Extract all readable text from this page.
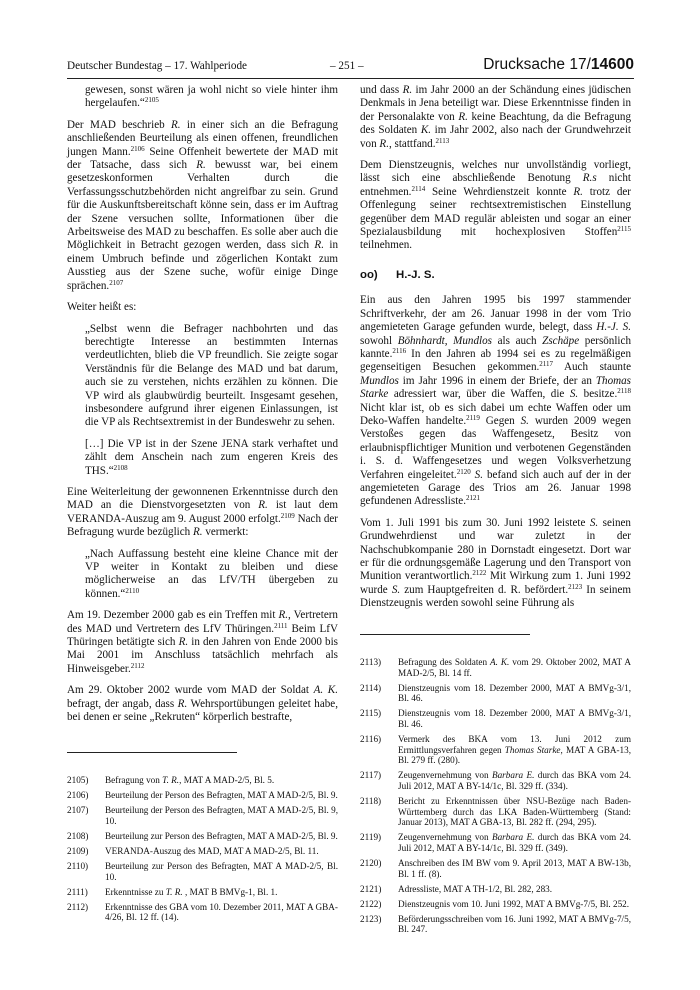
Deutscher Bundestag – 17. Wahlperiode	– 251 –	Drucksache 17/14600

gewesen, sonst wären ja wohl nicht so viele hinter ihm hergelaufen.“$^{2105}$

Der MAD beschrieb R. in einer sich an die Befragung anschließenden Beurteilung als einen offenen, freundlichen jungen Mann.$^{2106}$ Seine Offenheit bewertete der MAD mit der Tatsache, dass sich R. bewusst war, bei einem gesetzeskonformen Verhalten durch die Verfassungsschutzbehörden nicht angreifbar zu sein. Grund für die Auskunftsbereitschaft könne sein, dass er im Auftrag der Szene versuchen sollte, Informationen über die Arbeitsweise des MAD zu beschaffen. Es solle aber auch die Möglichkeit in Betracht gezogen werden, dass sich R. in einem Umbruch befinde und zögerlichen Kontakt zum Ausstieg aus der Szene suche, wofür einige Dinge sprächen.$^{2107}$

Weiter heißt es:

„Selbst wenn die Befrager nachbohrten und das berechtigte Interesse an bestimmten Internas verdeutlichten, blieb die VP freundlich. Sie zeigte sogar Verständnis für die Belange des MAD und bat darum, auch sie zu verstehen, nichts erzählen zu können. Die VP wird als glaubwürdig beurteilt. Insgesamt gesehen, insbesondere aufgrund ihrer eigenen Einlassungen, ist die VP als Rechtsextremist in der Bundeswehr zu sehen.

[…] Die VP ist in der Szene JENA stark verhaftet und zählt dem Anschein nach zum engeren Kreis des THS.“$^{2108}$

Eine Weiterleitung der gewonnenen Erkenntnisse durch den MAD an die Dienstvorgesetzten von R. ist laut dem VERANDA-Auszug am 9. August 2000 erfolgt.$^{2109}$ Nach der Befragung wurde bezüglich R. vermerkt:

„Nach Auffassung besteht eine kleine Chance mit der VP weiter in Kontakt zu bleiben und diese möglicherweise an das LfV/TH übergeben zu können.“$^{2110}$

Am 19. Dezember 2000 gab es ein Treffen mit R., Vertretern des MAD und Vertretern des LfV Thüringen.$^{2111}$ Beim LfV Thüringen betätigte sich R. in den Jahren von Ende 2000 bis Mai 2001 im Anschluss tatsächlich mehrfach als Hinweisgeber.$^{2112}$

Am 29. Oktober 2002 wurde vom MAD der Soldat A. K. befragt, der angab, dass R. Wehrsportübungen geleitet habe, bei denen er seine „Rekruten“ körperlich bestrafte,

und dass R. im Jahr 2000 an der Schändung eines jüdischen Denkmals in Jena beteiligt war. Diese Erkenntnisse finden in der Personalakte von R. keine Beachtung, da die Befragung des Soldaten K. im Jahr 2002, also nach der Grundwehrzeit von R., stattfand.$^{2113}$

Dem Dienstzeugnis, welches nur unvollständig vorliegt, lässt sich eine abschließende Benotung R.s nicht entnehmen.$^{2114}$ Seine Wehrdienstzeit konnte R. trotz der Offenlegung seiner rechtsextremistischen Einstellung gegenüber dem MAD regulär ableisten und sogar an einer Spezialausbildung mit hochexplosiven Stoffen$^{2115}$ teilnehmen.

oo) H.-J. S.

Ein aus den Jahren 1995 bis 1997 stammender Schriftverkehr, der am 26. Januar 1998 in der vom Trio angemieteten Garage gefunden wurde, belegt, dass H.-J. S. sowohl Böhnhardt, Mundlos als auch Zschäpe persönlich kannte.$^{2116}$ In den Jahren ab 1994 sei es zu regelmäßigen gegenseitigen Besuchen gekommen.$^{2117}$ Auch staunte Mundlos im Jahr 1996 in einem der Briefe, der an Thomas Starke adressiert war, über die Waffen, die S. besitze.$^{2118}$ Nicht klar ist, ob es sich dabei um echte Waffen oder um Deko-Waffen handelte.$^{2119}$ Gegen S. wurden 2009 wegen Verstoßes gegen das Waffengesetz, Besitz von erlaubnispflichtiger Munition und verbotenen Gegenständen i. S. d. Waffengesetzes und wegen Volksverhetzung Verfahren eingeleitet.$^{2120}$ S. befand sich auch auf der in der angemieteten Garage des Trios am 26. Januar 1998 gefundenen Adressliste.$^{2121}$

Vom 1. Juli 1991 bis zum 30. Juni 1992 leistete S. seinen Grundwehrdienst und war zuletzt in der Nachschubkompanie 280 in Dornstadt eingesetzt. Dort war er für die ordnungsgemäße Lagerung und den Transport von Munition verantwortlich.$^{2122}$ Mit Wirkung zum 1. Juni 1992 wurde S. zum Hauptgefreiten d. R. befördert.$^{2123}$ In seinem Dienstzeugnis werden sowohl seine Führung als

2105)	Befragung von T. R., MAT A MAD-2/5, Bl. 5.
2106)	Beurteilung der Person des Befragten, MAT A MAD-2/5, Bl. 9.
2107)	Beurteilung der Person des Befragten, MAT A MAD-2/5, Bl. 9, 10.
2108)	Beurteilung zur Person des Befragten, MAT A MAD-2/5, Bl. 9.
2109)	VERANDA-Auszug des MAD, MAT A MAD-2/5, Bl. 11.
2110)	Beurteilung zur Person des Befragten, MAT A MAD-2/5, Bl. 10.
2111)	Erkenntnisse zu T. R. , MAT B BMVg-1, Bl. 1.
2112)	Erkenntnisse des GBA vom 10. Dezember 2011, MAT A GBA-4/26, Bl. 12 ff. (14).
2113)	Befragung des Soldaten A. K. vom 29. Oktober 2002, MAT A MAD-2/5, Bl. 14 ff.
2114)	Dienstzeugnis vom 18. Dezember 2000, MAT A BMVg-3/1, Bl. 46.
2115)	Dienstzeugnis vom 18. Dezember 2000, MAT A BMVg-3/1, Bl. 46.
2116)	Vermerk des BKA vom 13. Juni 2012 zum Ermittlungsverfahren gegen Thomas Starke, MAT A GBA-13, Bl. 279 ff. (280).
2117)	Zeugenvernehmung von Barbara E. durch das BKA vom 24. Juli 2012, MAT A BY-14/1c, Bl. 329 ff. (334).
2118)	Bericht zu Erkenntnissen über NSU-Bezüge nach Baden-Württemberg durch das LKA Baden-Württemberg (Stand: Januar 2013), MAT A GBA-13, Bl. 282 ff. (294, 295).
2119)	Zeugenvernehmung von Barbara E. durch das BKA vom 24. Juli 2012, MAT A BY-14/1c, Bl. 329 ff. (349).
2120)	Anschreiben des IM BW vom 9. April 2013, MAT A BW-13b, Bl. 1 ff. (8).
2121)	Adressliste, MAT A TH-1/2, Bl. 282, 283.
2122)	Dienstzeugnis vom 10. Juni 1992, MAT A BMVg-7/5, Bl. 252.
2123)	Beförderungsschreiben vom 16. Juni 1992, MAT A BMVg-7/5, Bl. 247.
